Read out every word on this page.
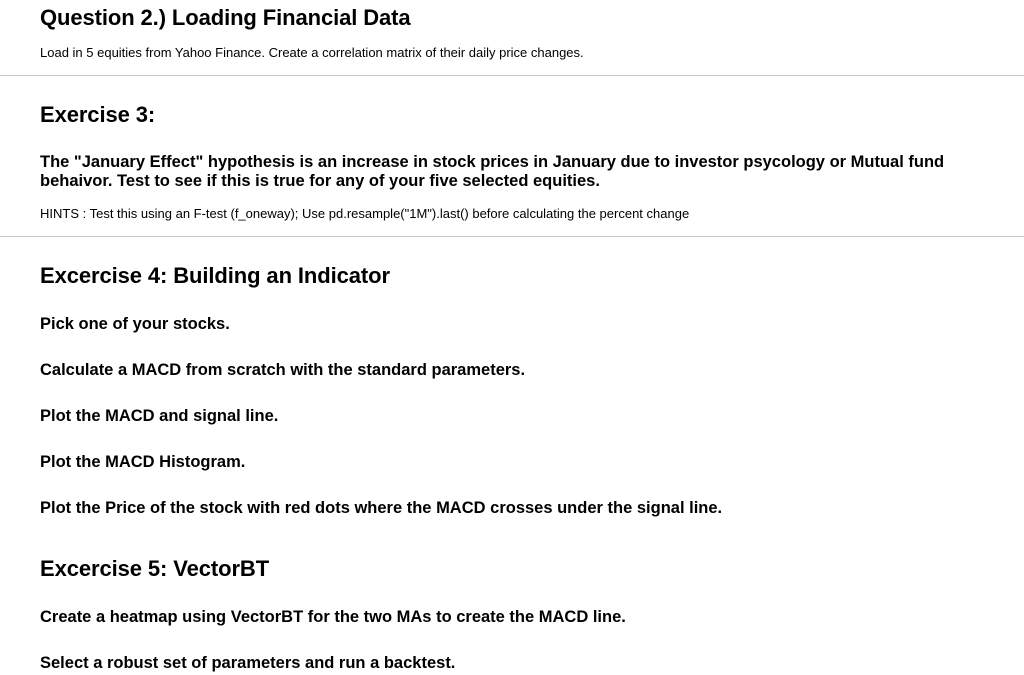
Question 2.) Loading Financial Data
Load in 5 equities from Yahoo Finance. Create a correlation matrix of their daily price changes.
Exercise 3:
The "January Effect" hypothesis is an increase in stock prices in January due to investor psycology or Mutual fund behaivor. Test to see if this is true for any of your five selected equities.
HINTS : Test this using an F-test (f_oneway); Use pd.resample("1M").last() before calculating the percent change
Excercise 4: Building an Indicator
Pick one of your stocks.
Calculate a MACD from scratch with the standard parameters.
Plot the MACD and signal line.
Plot the MACD Histogram.
Plot the Price of the stock with red dots where the MACD crosses under the signal line.
Excercise 5: VectorBT
Create a heatmap using VectorBT for the two MAs to create the MACD line.
Select a robust set of parameters and run a backtest.
